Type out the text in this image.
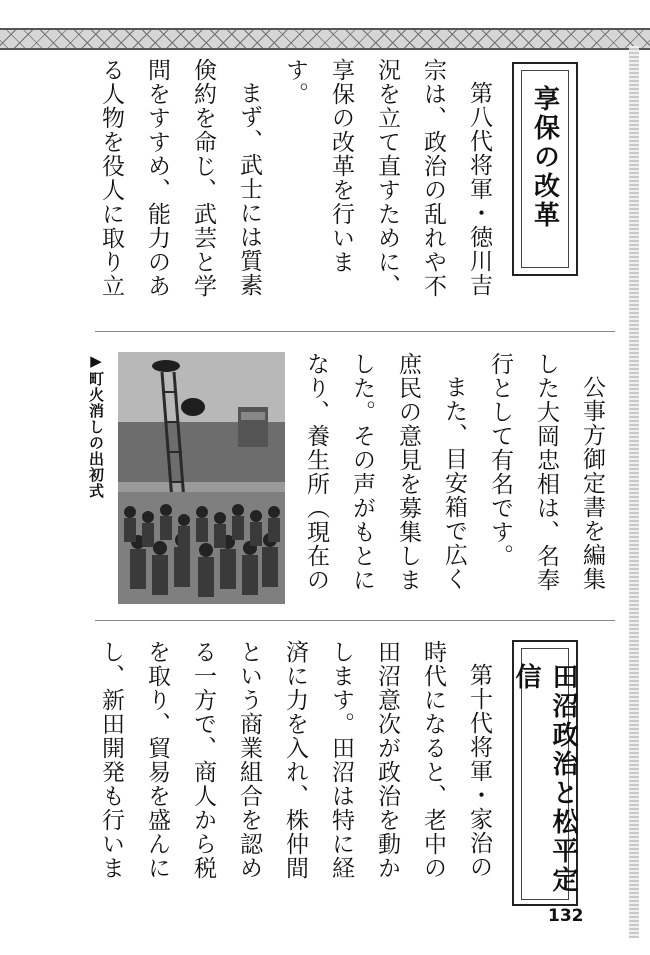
享保の改革

第八代将軍・徳川吉宗は、政治の乱れや不況を立て直すために、享保の改革を行います。

まず、武士には質素倹約を命じ、武芸と学問をすすめ、能力のある人物を役人に取り立

公事方御定書を編集した大岡忠相は、名奉行として有名です。

また、目安箱で広く庶民の意見を募集しました。その声がもとになり、養生所（現在の

▶町火消しの出初式
田沼政治と松平定信

第十代将軍・家治の時代になると、老中の田沼意次が政治を動かします。田沼は特に経済に力を入れ、株仲間という商業組合を認める一方で、商人から税を取り、貿易を盛んにし、新田開発も行いま

132
